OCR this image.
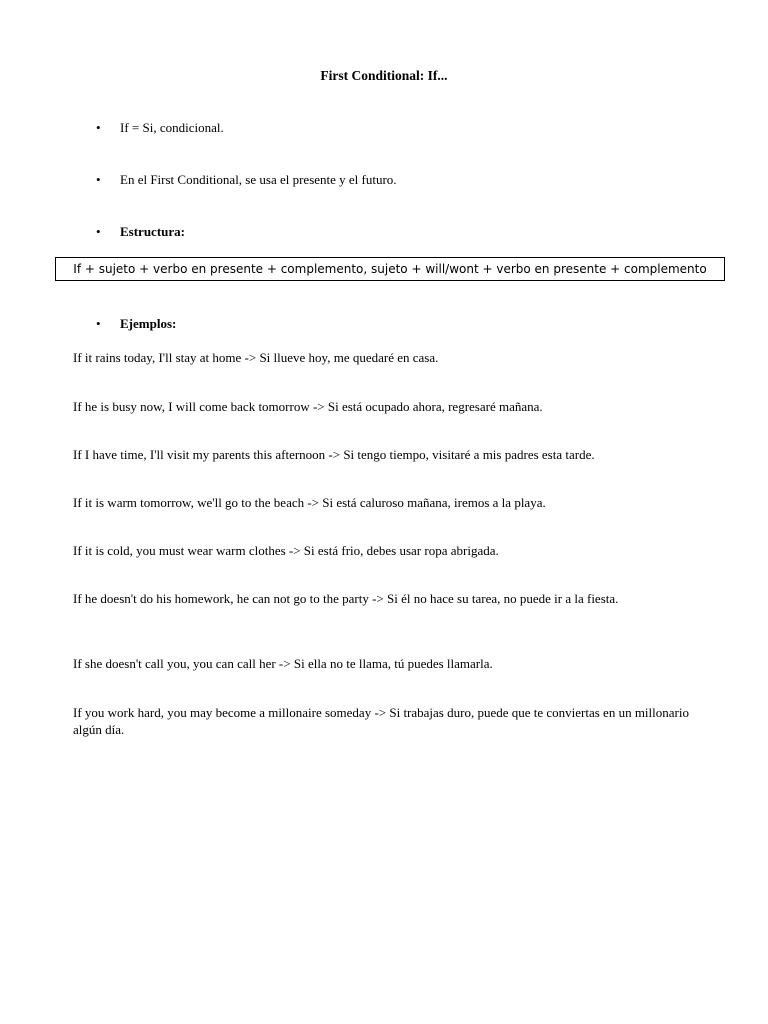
First Conditional: If...
• If = Si, condicional.
• En el First Conditional, se usa el presente y el futuro.
• Estructura:
If + sujeto + verbo en presente + complemento, sujeto + will/wont + verbo en presente + complemento
• Ejemplos:
If it rains today, I'll stay at home -> Si llueve hoy, me quedaré en casa.
If he is busy now, I will come back tomorrow -> Si está ocupado ahora, regresaré mañana.
If I have time, I'll visit my parents this afternoon -> Si tengo tiempo, visitaré a mis padres esta tarde.
If it is warm tomorrow, we'll go to the beach -> Si está caluroso mañana, iremos a la playa.
If it is cold, you must wear warm clothes -> Si está frio, debes usar ropa abrigada.
If he doesn't do his homework, he can not go to the party -> Si él no hace su tarea, no puede ir a la fiesta.
If she doesn't call you, you can call her -> Si ella no te llama, tú puedes llamarla.
If you work hard, you may become a millonaire someday -> Si trabajas duro, puede que te conviertas en un millonario algún día.
